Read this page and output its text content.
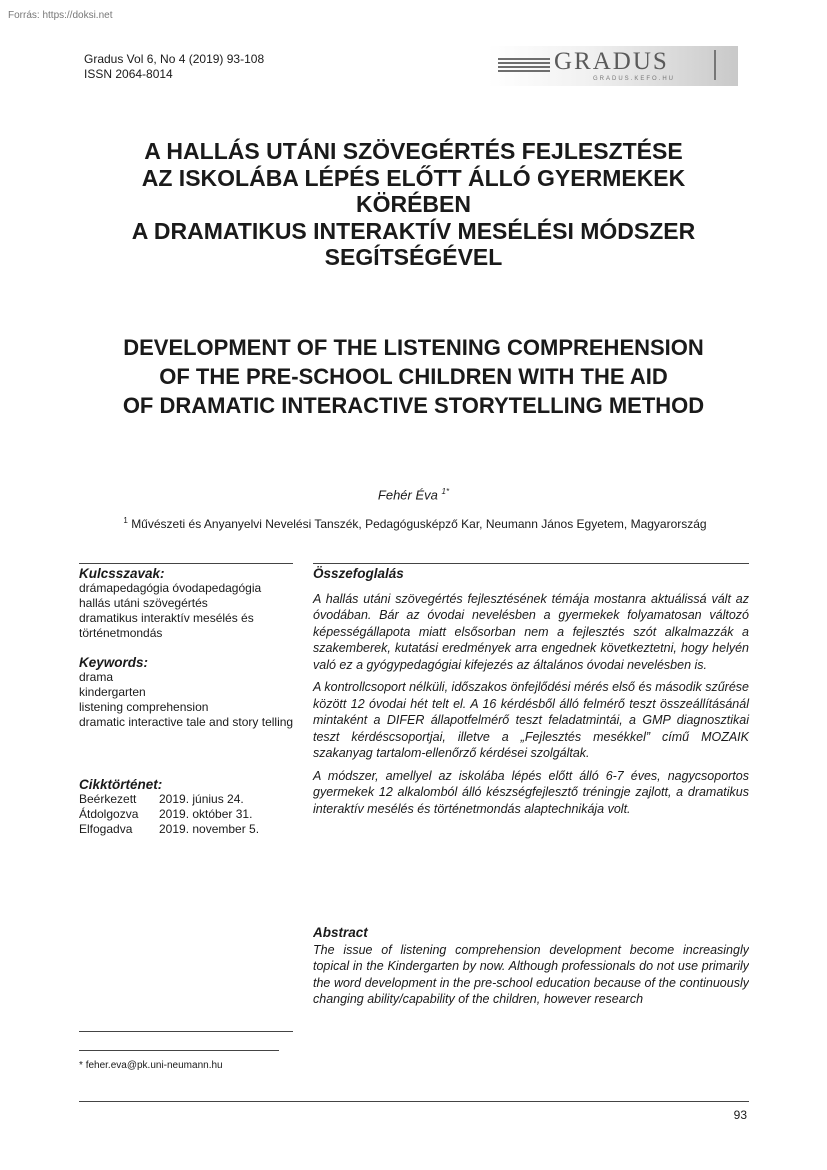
Forrás: https://doksi.net
Gradus Vol 6, No 4 (2019) 93-108
ISSN 2064-8014	GRADUS
GRADUS.KEFO.HU
A HALLÁS UTÁNI SZÖVEGÉRTÉS FEJLESZTÉSE
AZ ISKOLÁBA LÉPÉS ELŐTT ÁLLÓ GYERMEKEK
KÖRÉBEN
A DRAMATIKUS INTERAKTÍV MESÉLÉSI MÓDSZER
SEGÍTSÉGÉVEL
DEVELOPMENT OF THE LISTENING COMPREHENSION
OF THE PRE-SCHOOL CHILDREN WITH THE AID
OF DRAMATIC INTERACTIVE STORYTELLING METHOD
Fehér Éva $^{1*}$
$^1$ Művészeti és Anyanyelvi Nevelési Tanszék, Pedagógusképző Kar, Neumann János Egyetem, Magyarország
Kulcsszavak:
drámapedagógia óvodapedagógia
hallás utáni szövegértés
dramatikus interaktív mesélés és történetmondás
Keywords:
drama
kindergarten
listening comprehension
dramatic interactive tale and story telling
Cikktörténet:
Beérkezett	2019. június 24.
Átdolgozva	2019. október 31.
Elfogadva	2019. november 5.
Összefoglalás

A hallás utáni szövegértés fejlesztésének témája mostanra aktuálissá vált az óvodában. Bár az óvodai nevelésben a gyermekek folyamatosan változó képességállapota miatt elsősorban nem a fejlesztés szót alkalmazzák a szakemberek, kutatási eredmények arra engednek következtetni, hogy helyén való ez a gyógypedagógiai kifejezés az általános óvodai nevelésben is.

A kontrollcsoport nélküli, időszakos önfejlődési mérés első és második szűrése között 12 óvodai hét telt el. A 16 kérdésből álló felmérő teszt összeállításánál mintaként a DIFER állapotfelmérő teszt feladatmintái, a GMP diagnosztikai teszt kérdéscsoportjai, illetve a „Fejlesztés mesékkel” című MOZAIK szakanyag tartalom-ellenőrző kérdései szolgáltak.

A módszer, amellyel az iskolába lépés előtt álló 6-7 éves, nagycsoportos gyermekek 12 alkalomból álló készségfejlesztő tréningje zajlott, a dramatikus interaktív mesélés és történetmondás alaptechnikája volt.

Abstract
The issue of listening comprehension development become increasingly topical in the Kindergarten by now. Although professionals do not use primarily the word development in the pre-school education because of the continuously changing ability/capability of the children, however research
* feher.eva@pk.uni-neumann.hu
93
